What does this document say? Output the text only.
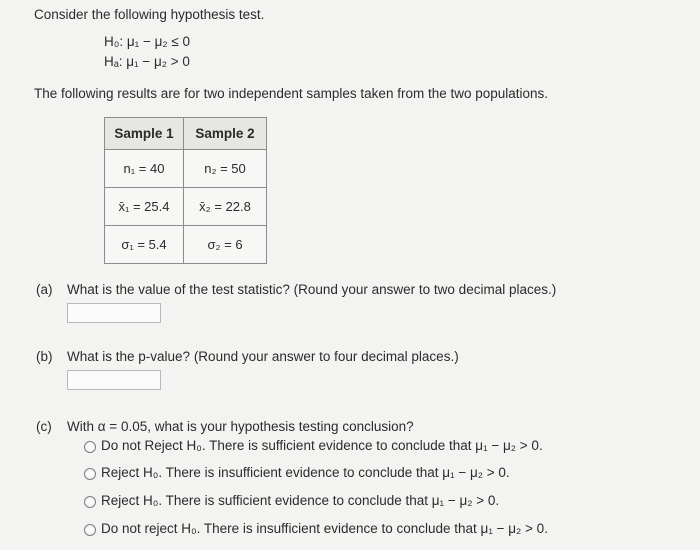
Consider the following hypothesis test.
H₀: μ₁ − μ₂ ≤ 0
Hₐ: μ₁ − μ₂ > 0
The following results are for two independent samples taken from the two populations.
Sample 1	Sample 2
n₁ = 40	n₂ = 50
x̄₁ = 25.4	x̄₂ = 22.8
σ₁ = 5.4	σ₂ = 6
(a) What is the value of the test statistic? (Round your answer to two decimal places.)
(b) What is the p-value? (Round your answer to four decimal places.)
(c) With α = 0.05, what is your hypothesis testing conclusion?
Do not Reject H₀. There is sufficient evidence to conclude that μ₁ − μ₂ > 0.
Reject H₀. There is insufficient evidence to conclude that μ₁ − μ₂ > 0.
Reject H₀. There is sufficient evidence to conclude that μ₁ − μ₂ > 0.
Do not reject H₀. There is insufficient evidence to conclude that μ₁ − μ₂ > 0.
